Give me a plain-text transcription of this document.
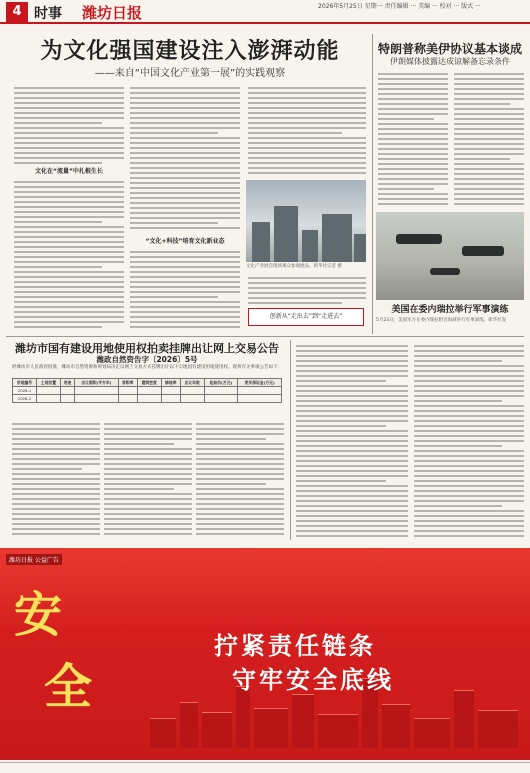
4 时事 潍坊日报	2026年5月25日 星期一 责任编辑 ··· 美编 ··· 校对 ··· 版式 ···
为文化强国建设注入澎湃动能
——来自“中国文化产业第一展”的实践观察
文化在“流量”中扎根生长
“文化+科技”培育文化新业态
文化产业展会现场观众参观展品。新华社记者 摄
创新从“走出去”到“走进去”
特朗普称美伊协议基本谈成
伊朗媒体披露达成谅解备忘录条件
美国在委内瑞拉举行军事演练
5月23日，美国军方在委内瑞拉附近海域举行军事演练。新华社发
潍坊市国有建设用地使用权拍卖挂牌出让网上交易公告
潍政自然资告字〔2026〕5号
经潍坊市人民政府批准，潍坊市自然资源和规划局决定以网上交易方式挂牌出让以下宗地国有建设用地使用权。现将有关事项公告如下：
宗地编号	土地位置	用途	出让面积(平方米)	容积率	建筑密度	绿地率	出让年限	起始价(万元)	竞买保证金(万元)
2026-1									
2026-2									
潍坊日报 公益广告
安
全
拧紧责任链条
守牢安全底线
